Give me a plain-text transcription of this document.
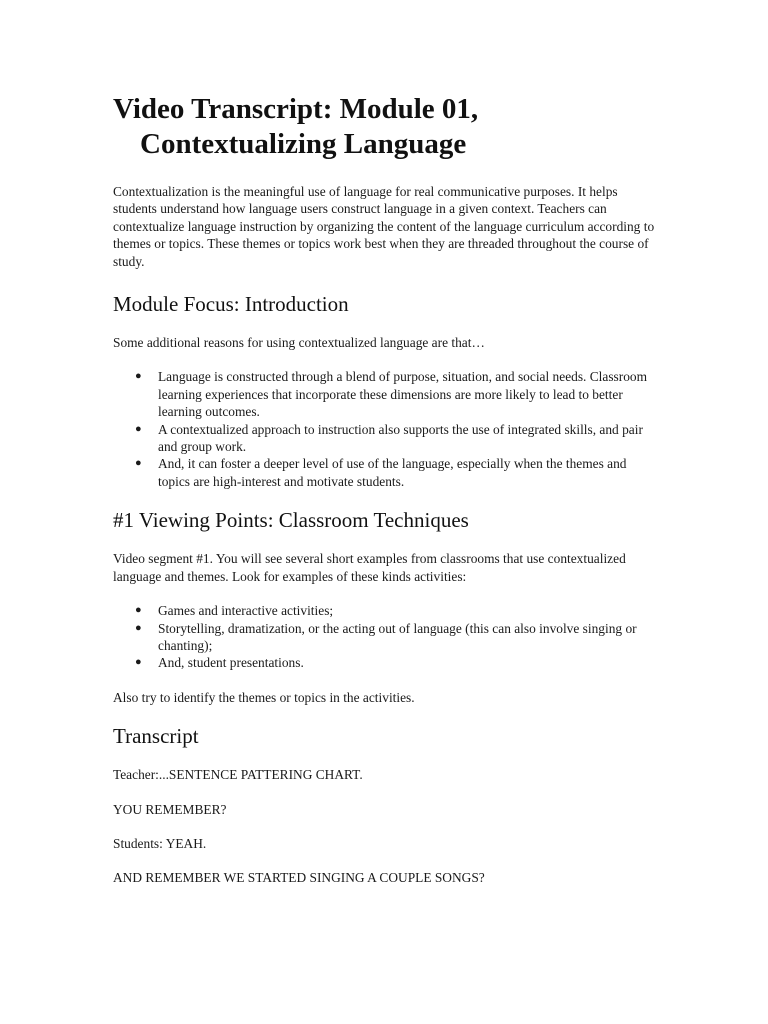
Video Transcript: Module 01,
Contextualizing Language

Contextualization is the meaningful use of language for real communicative purposes. It helps students understand how language users construct language in a given context. Teachers can contextualize language instruction by organizing the content of the language curriculum according to themes or topics. These themes or topics work best when they are threaded throughout the course of study.

Module Focus: Introduction

Some additional reasons for using contextualized language are that…

● Language is constructed through a blend of purpose, situation, and social needs. Classroom learning experiences that incorporate these dimensions are more likely to lead to better learning outcomes.
● A contextualized approach to instruction also supports the use of integrated skills, and pair and group work.
● And, it can foster a deeper level of use of the language, especially when the themes and topics are high-interest and motivate students.
#1 Viewing Points: Classroom Techniques

Video segment #1. You will see several short examples from classrooms that use contextualized language and themes. Look for examples of these kinds activities:

● Games and interactive activities;
● Storytelling, dramatization, or the acting out of language (this can also involve singing or chanting);
● And, student presentations.

Also try to identify the themes or topics in the activities.

Transcript

Teacher:...SENTENCE PATTERING CHART.

YOU REMEMBER?

Students: YEAH.

AND REMEMBER WE STARTED SINGING A COUPLE SONGS?
